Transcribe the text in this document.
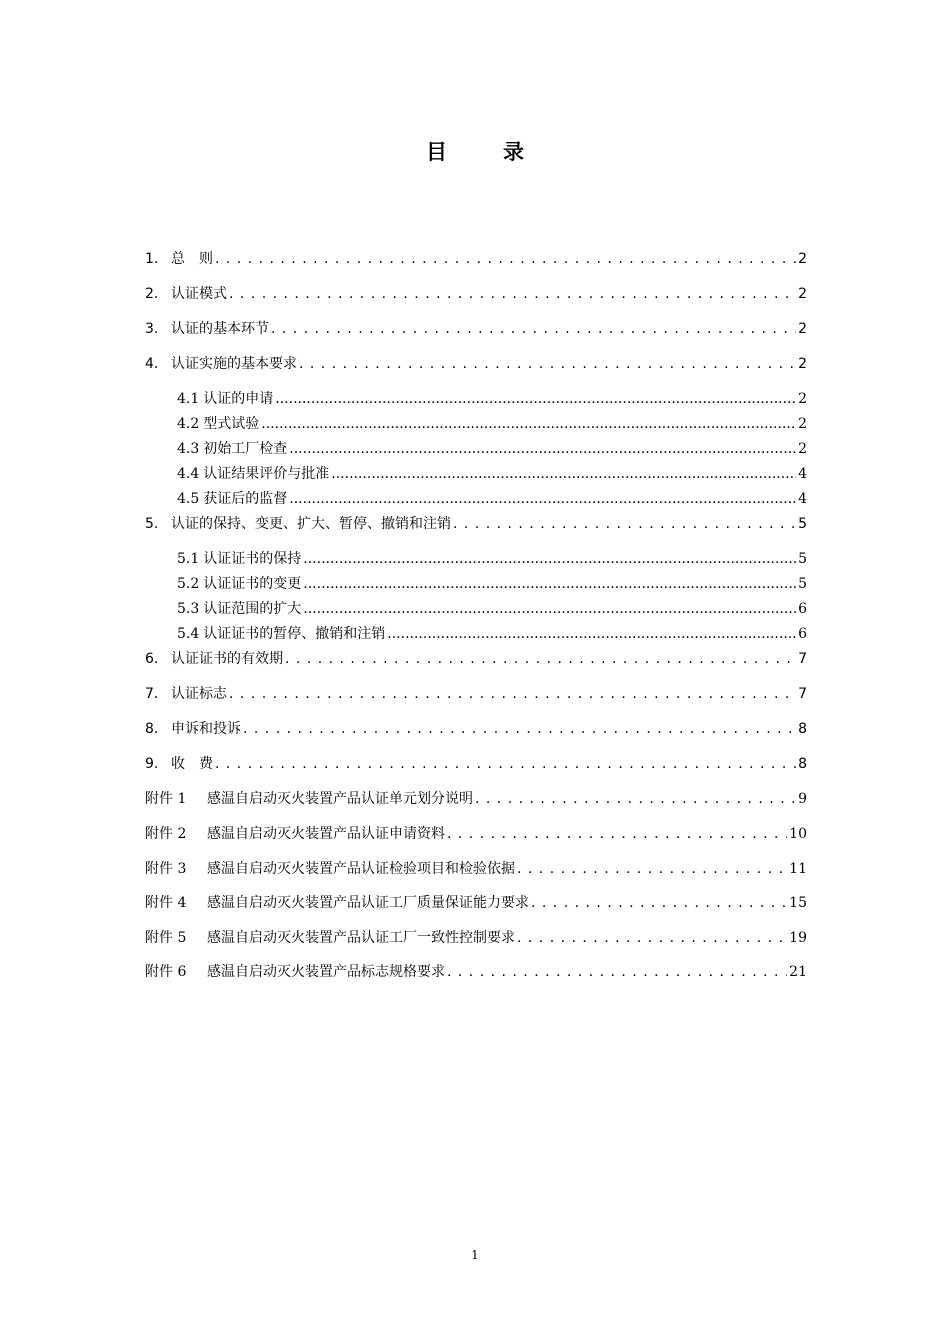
目	录
1. 总　则 . . .	2
2. 认证模式 . . .	2
3. 认证的基本环节 . . .	2
4. 认证实施的基本要求 . . .	2
4.1 认证的申请 .....	2
4.2 型式试验 .....	2
4.3 初始工厂检查 .....	2
4.4 认证结果评价与批准 .....	4
4.5 获证后的监督 .....	4
5. 认证的保持、变更、扩大、暂停、撤销和注销 . . .	5
5.1 认证证书的保持 .....	5
5.2 认证证书的变更 .....	5
5.3 认证范围的扩大 .....	6
5.4 认证证书的暂停、撤销和注销 .....	6
6. 认证证书的有效期 . . .	7
7. 认证标志 . . .	7
8. 申诉和投诉 . . .	8
9. 收　费 . . .	8
附件 1	感温自启动灭火装置产品认证单元划分说明 . . .	9
附件 2	感温自启动灭火装置产品认证申请资料 . . .	10
附件 3	感温自启动灭火装置产品认证检验项目和检验依据 . . .	11
附件 4	感温自启动灭火装置产品认证工厂质量保证能力要求 . . .	15
附件 5	感温自启动灭火装置产品认证工厂一致性控制要求 . . .	19
附件 6	感温自启动灭火装置产品标志规格要求 . . .	21
1
